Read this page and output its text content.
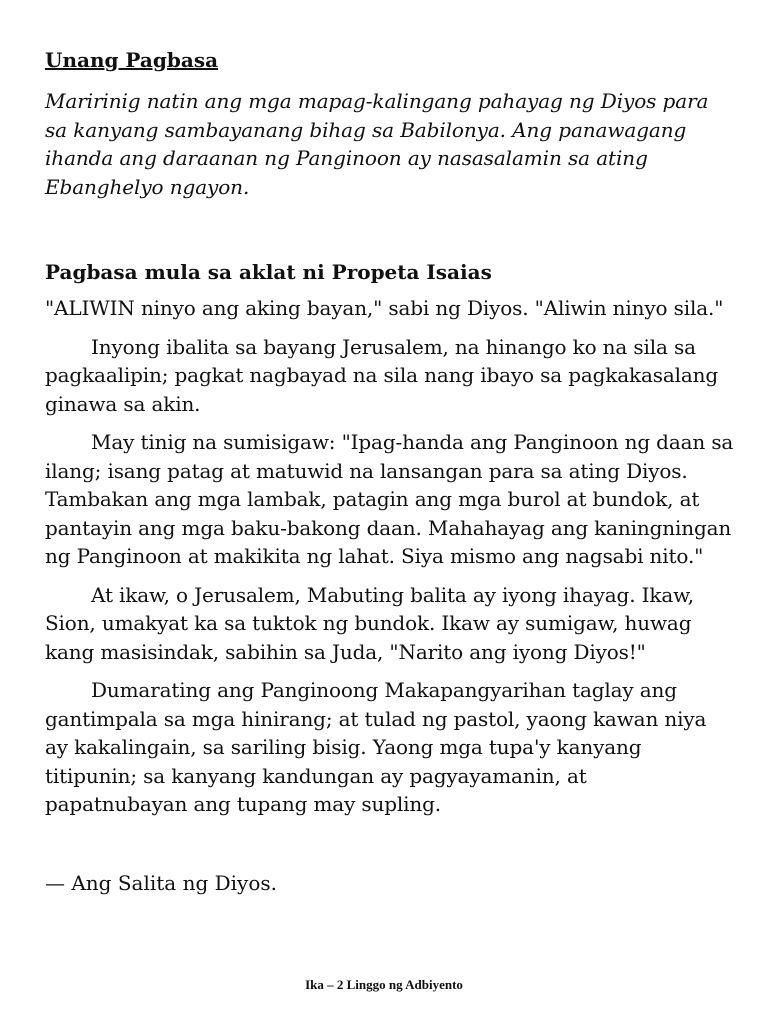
Unang Pagbasa

Maririnig natin ang mga mapag-kalingang pahayag ng Diyos para sa kanyang sambayanang bihag sa Babilonya. Ang panawagang ihanda ang daraanan ng Panginoon ay nasasalamin sa ating Ebanghelyo ngayon.

Pagbasa mula sa aklat ni Propeta Isaias

"ALIWIN ninyo ang aking bayan," sabi ng Diyos. "Aliwin ninyo sila."

Inyong ibalita sa bayang Jerusalem, na hinango ko na sila sa pagkaalipin; pagkat nagbayad na sila nang ibayo sa pagkakasalang ginawa sa akin.

May tinig na sumisigaw: "Ipag-handa ang Panginoon ng daan sa ilang; isang patag at matuwid na lansangan para sa ating Diyos. Tambakan ang mga lambak, patagin ang mga burol at bundok, at pantayin ang mga baku-bakong daan. Mahahayag ang kaningningan ng Panginoon at makikita ng lahat. Siya mismo ang nagsabi nito."

At ikaw, o Jerusalem, Mabuting balita ay iyong ihayag. Ikaw, Sion, umakyat ka sa tuktok ng bundok. Ikaw ay sumigaw, huwag kang masisindak, sabihin sa Juda, "Narito ang iyong Diyos!"

Dumarating ang Panginoong Makapangyarihan taglay ang gantimpala sa mga hinirang; at tulad ng pastol, yaong kawan niya ay kakalingain, sa sariling bisig. Yaong mga tupa'y kanyang titipunin; sa kanyang kandungan ay pagyayamanin, at papatnubayan ang tupang may supling.

— Ang Salita ng Diyos.

Ika – 2 Linggo ng Adbiyento
